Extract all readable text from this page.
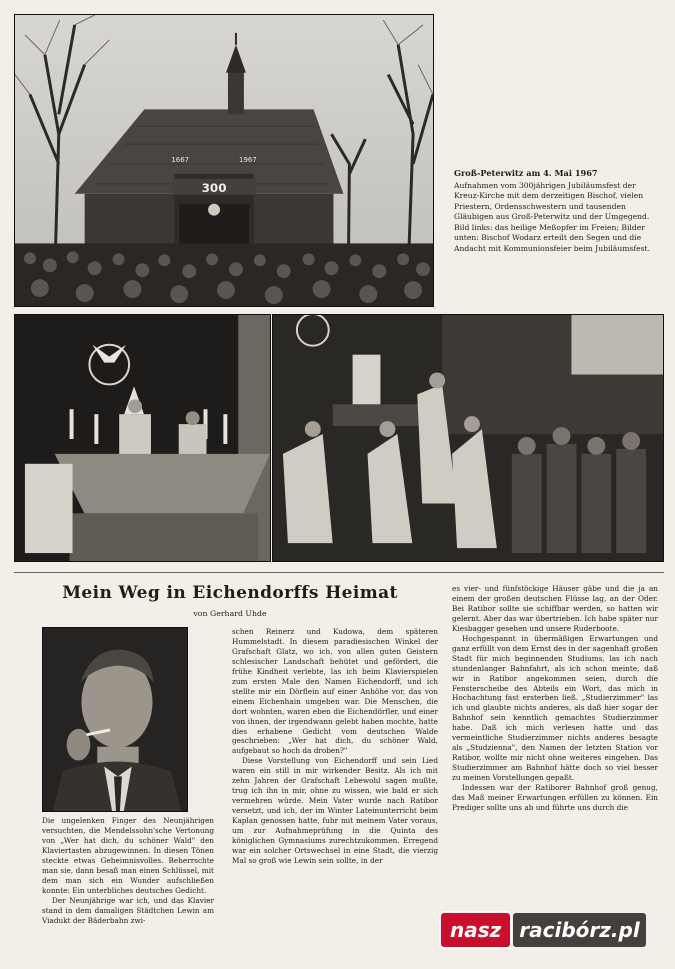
300
1667	1967
Groß-Peterwitz am 4. Mai 1967
Aufnahmen vom 300jährigen Jubiläumsfest der Kreuz-Kirche mit dem derzeitigen Bischof, vielen Priestern, Ordensschwestern und tausenden Gläubigen aus Groß-Peterwitz und der Umgegend. Bild links: das heilige Meßopfer im Freien; Bilder unten: Bischof Wodarz erteilt den Segen und die Andacht mit Kommunionsfeier beim Jubiläumsfest.
Mein Weg in Eichendorffs Heimat
von Gerhard Uhde

Die ungelenken Finger des Neunjährigen versuchten, die Mendelssohn'sche Vertonung von „Wer hat dich, du schöner Wald" den Klaviertasten abzugewinnen. In diesen Tönen steckte etwas Geheimnisvolles. Beherrschte man sie, dann besaß man einen Schlüssel, mit dem man sich ein Wunder aufschließen konnte: Ein unterbliches deutsches Gedicht.

Der Neunjährige war ich, und das Klavier stand in dem damaligen Städtchen Lewin am Viadukt der Bäderbahn zwi-

schen Reinerz und Kudowa, dem späteren Hummelstadt. In diesem paradiesischen Winkel der Grafschaft Glatz, wo ich, von allen guten Geistern schlesischer Landschaft behütet und gefördert, die frühe Kindheit verlebte, las ich beim Klavierspielen zum ersten Male den Namen Eichendorff, und ich stellte mir ein Dörflein auf einer Anhöhe vor, das von einem Eichenhain umgeben war. Die Menschen, die dort wohnten, waren eben die Eichendörfler, und einer von ihnen, der irgendwann gelebt haben mochte, hatte dies erhabene Gedicht vom deutschen Walde geschrieben: „Wer hat dich, du schöner Wald, aufgebaut so hoch da droben?"

Diese Vorstellung von Eichendorff und sein Lied waren ein still in mir wirkender Besitz. Als ich mit zehn Jahren der Grafschaft Lebewohl sagen mußte, trug ich ihn in mir, ohne zu wissen, wie bald er sich vermehren würde. Mein Vater wurde nach Ratibor versetzt, und ich, der im Winter Lateinunterricht beim Kaplan genossen hatte, fuhr mit meinem Vater voraus, um zur Aufnahmeprüfung in die Quinta des königlichen Gymnasiums zurechtzukommen. Erregend war ein solcher Ortswechsel in eine Stadt, die vierzig Mal so groß wie Lewin sein sollte, in der

es vier- und fünfstöckige Häuser gäbe und die ja an einem der großen deutschen Flüsse lag, an der Oder. Bei Ratibor sollte sie schiffbar werden, so hatten wir gelernt. Aber das war übertrieben. Ich habe später nur Kiesbagger gesehen und unsere Ruderboote.

Hochgespannt in übermäßigen Erwartungen und ganz erfüllt von dem Ernst des in der sagenhaft großen Stadt für mich beginnenden Studiums, las ich nach stundenlanger Bahnfahrt, als ich schon meinte, daß wir in Ratibor angekommen seien, durch die Fensterscheibe des Abteils ein Wort, das mich in Hochachtung fast ersterben ließ. „Studierzimmer" las ich und glaubte nichts anderes, als daß hier sogar der Bahnhof sein kenntlich gemachtes Studierzimmer habe. Daß ich mich verlesen hatte und das vermeintliche Studierzimmer nichts anderes besagte als „Studzienna", den Namen der letzten Station vor Ratibor, wollte mir nicht ohne weiteres eingehen. Das Studierzimmer am Bahnhof hätte doch so viel besser zu meinen Vorstellungen gepaßt.

Indessen war der Ratiborer Bahnhof groß genug, das Maß meiner Erwartungen erfüllen zu können. Ein Prediger sollte uns ab und führte uns durch die

nasz racibórz.pl
